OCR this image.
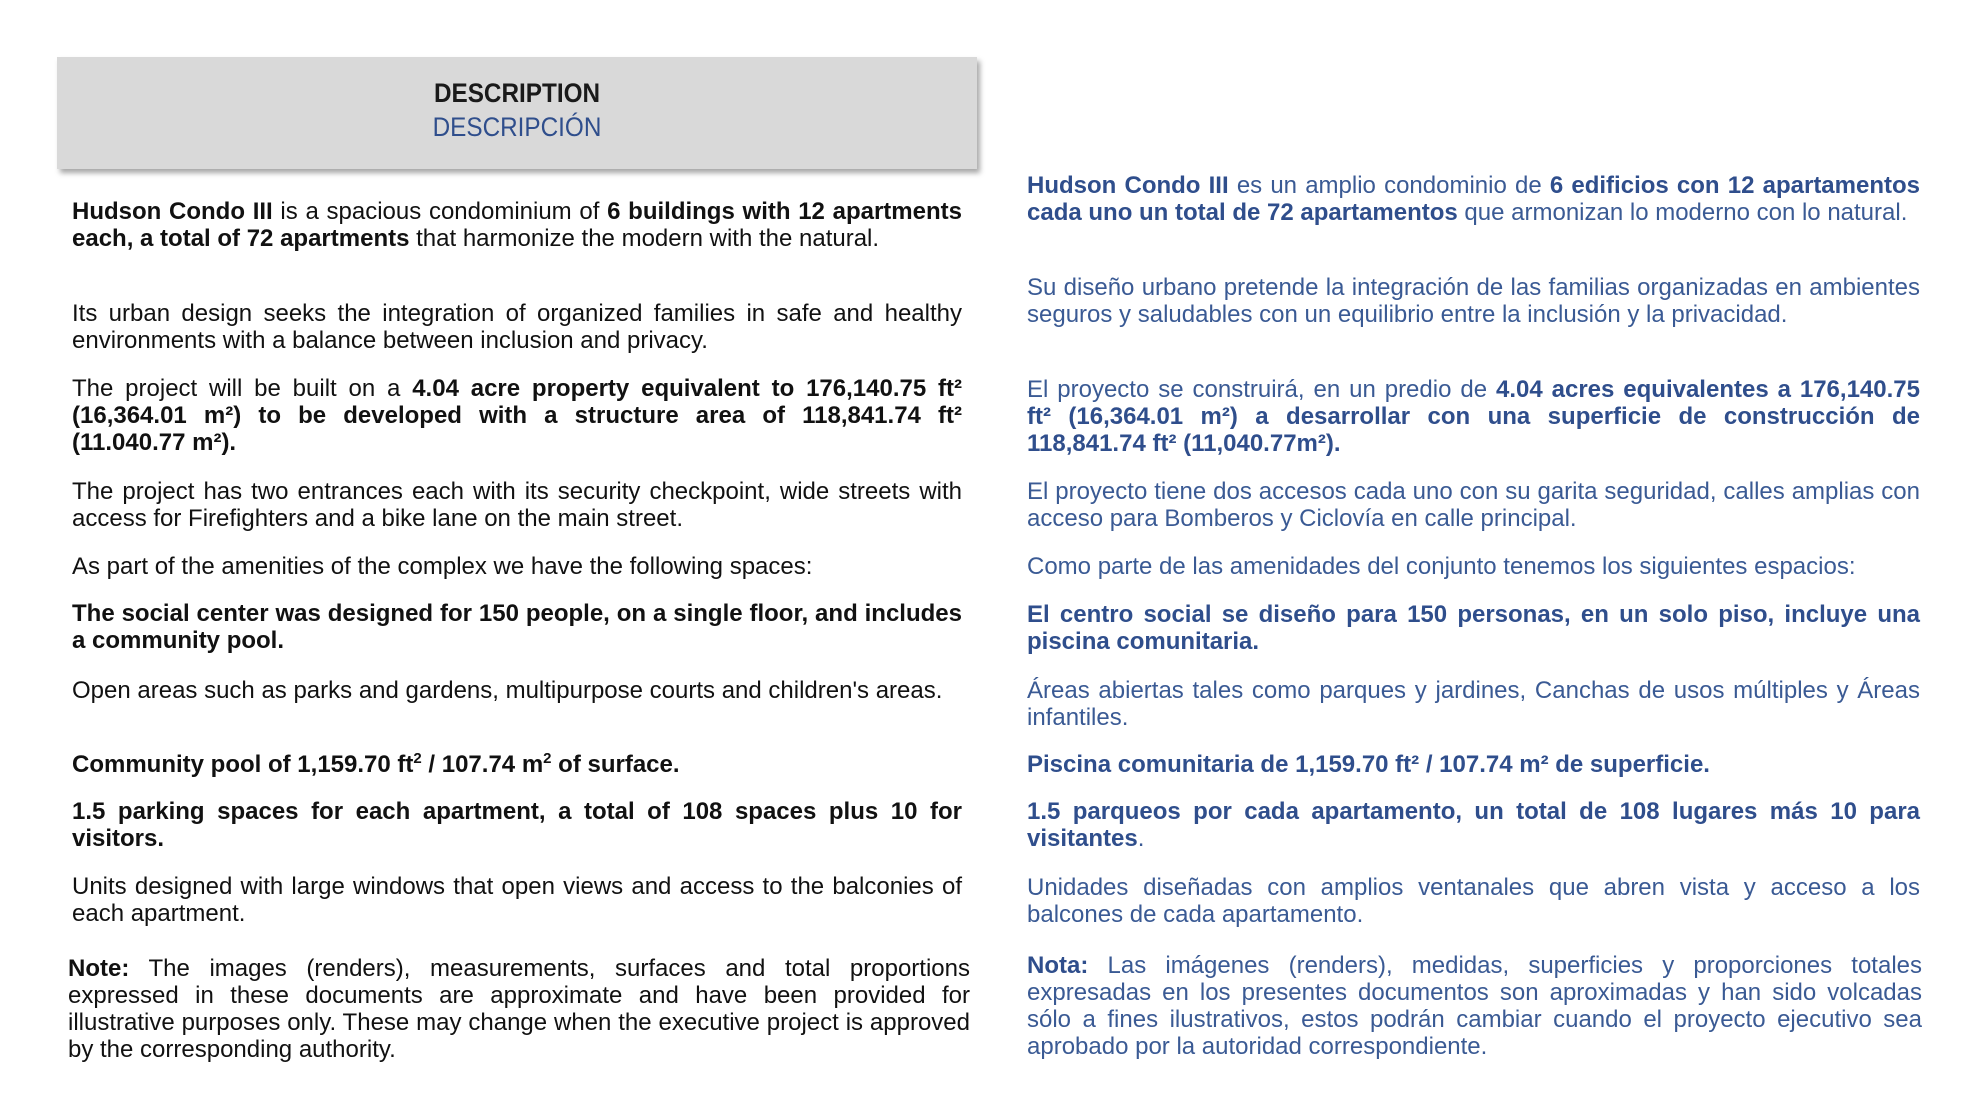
DESCRIPTION
DESCRIPCIÓN

Hudson Condo III is a spacious condominium of 6 buildings with 12 apartments each, a total of 72 apartments that harmonize the modern with the natural.

Its urban design seeks the integration of organized families in safe and healthy environments with a balance between inclusion and privacy.

The project will be built on a 4.04 acre property equivalent to 176,140.75 ft² (16,364.01 m²) to be developed with a structure area of 118,841.74 ft² (11.040.77 m²).

The project has two entrances each with its security checkpoint, wide streets with access for Firefighters and a bike lane on the main street.

As part of the amenities of the complex we have the following spaces:

The social center was designed for 150 people, on a single floor, and includes a community pool.

Open areas such as parks and gardens, multipurpose courts and children's areas.

Community pool of 1,159.70 $ft^2 / 107.74$ $m^2$ of surface.

1.5 parking spaces for each apartment, a total of 108 spaces plus 10 for visitors.

Units designed with large windows that open views and access to the balconies of each apartment.

Note: The images (renders), measurements, surfaces and total proportions expressed in these documents are approximate and have been provided for illustrative purposes only. These may change when the executive project is approved by the corresponding authority.

Hudson Condo III es un amplio condominio de 6 edificios con 12 apartamentos cada uno un total de 72 apartamentos que armonizan lo moderno con lo natural.

Su diseño urbano pretende la integración de las familias organizadas en ambientes seguros y saludables con un equilibrio entre la inclusión y la privacidad.

El proyecto se construirá, en un predio de 4.04 acres equivalentes a 176,140.75 ft² (16,364.01 m²) a desarrollar con una superficie de construcción de 118,841.74 ft² (11,040.77m²).

El proyecto tiene dos accesos cada uno con su garita seguridad, calles amplias con acceso para Bomberos y Ciclovía en calle principal.

Como parte de las amenidades del conjunto tenemos los siguientes espacios:

El centro social se diseño para 150 personas, en un solo piso, incluye una piscina comunitaria.

Áreas abiertas tales como parques y jardines, Canchas de usos múltiples y Áreas infantiles.

Piscina comunitaria de 1,159.70 ft² / 107.74 m² de superficie.

1.5 parqueos por cada apartamento, un total de 108 lugares más 10 para visitantes.

Unidades diseñadas con amplios ventanales que abren vista y acceso a los balcones de cada apartamento.

Nota: Las imágenes (renders), medidas, superficies y proporciones totales expresadas en los presentes documentos son aproximadas y han sido volcadas sólo a fines ilustrativos, estos podrán cambiar cuando el proyecto ejecutivo sea aprobado por la autoridad correspondiente.
